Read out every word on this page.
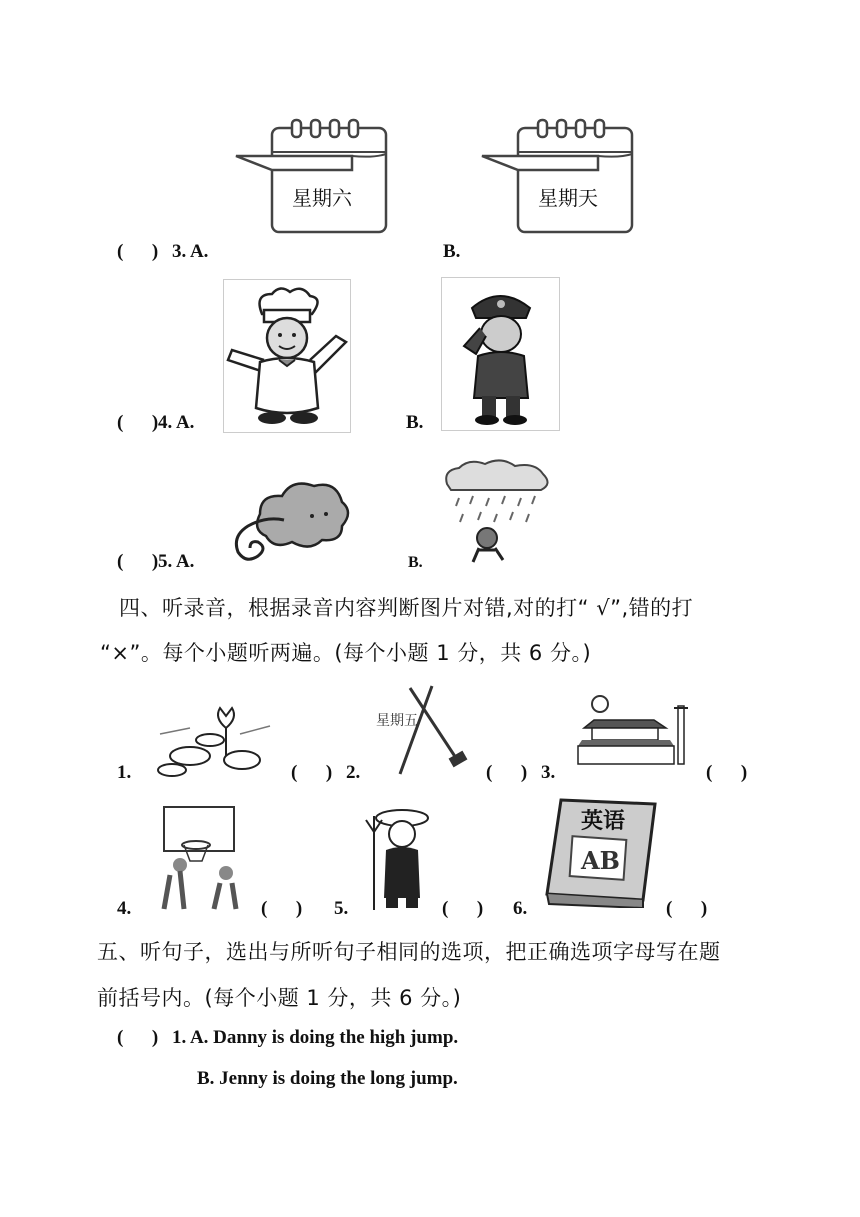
星期六	星期天
(      ) 3. A.	B.
(      ) 4. A.	B.
(      ) 5. A.	B.
四、听录音，根据录音内容判断图片对错,对的打“ √”,错的打
“×”。每个小题听两遍。(每个小题 1 分，共 6 分。)
1.	(      ) 2.
星期五
(      ) 3.	(      )
4.	(      ) 5.	(      ) 6.
英语
AB
(      )
五、听句子，选出与所听句子相同的选项，把正确选项字母写在题
前括号内。(每个小题 1 分，共 6 分。)
(      ) 1. A. Danny is doing the high jump.
B. Jenny is doing the long jump.
